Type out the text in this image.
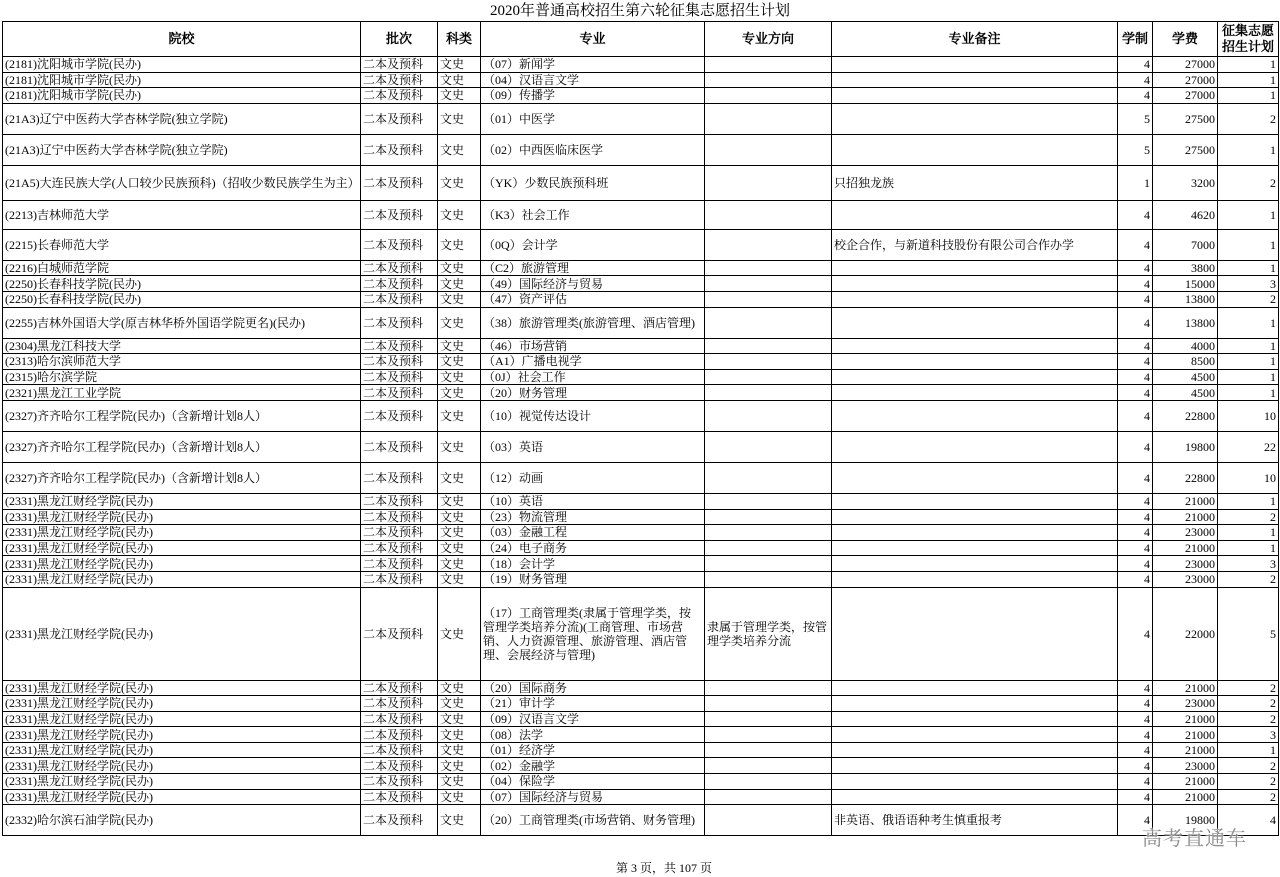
2020年普通高校招生第六轮征集志愿招生计划
院校	批次	科类	专业	专业方向	专业备注	学制	学费	征集志愿招生计划
(2181)沈阳城市学院(民办)	二本及预科	文史	（07）新闻学			4	27000	1
(2181)沈阳城市学院(民办)	二本及预科	文史	（04）汉语言文学			4	27000	1
(2181)沈阳城市学院(民办)	二本及预科	文史	（09）传播学			4	27000	1
(21A3)辽宁中医药大学杏林学院(独立学院)	二本及预科	文史	（01）中医学			5	27500	2
(21A3)辽宁中医药大学杏林学院(独立学院)	二本及预科	文史	（02）中西医临床医学			5	27500	1
(21A5)大连民族大学(人口较少民族预科)（招收少数民族学生为主）	二本及预科	文史	（YK）少数民族预科班		只招独龙族	1	3200	2
(2213)吉林师范大学	二本及预科	文史	（K3）社会工作			4	4620	1
(2215)长春师范大学	二本及预科	文史	（0Q）会计学		校企合作，与新道科技股份有限公司合作办学	4	7000	1
(2216)白城师范学院	二本及预科	文史	（C2）旅游管理			4	3800	1
(2250)长春科技学院(民办)	二本及预科	文史	（49）国际经济与贸易			4	15000	3
(2250)长春科技学院(民办)	二本及预科	文史	（47）资产评估			4	13800	2
(2255)吉林外国语大学(原吉林华桥外国语学院更名)(民办)	二本及预科	文史	（38）旅游管理类(旅游管理、酒店管理)			4	13800	1
(2304)黑龙江科技大学	二本及预科	文史	（46）市场营销			4	4000	1
(2313)哈尔滨师范大学	二本及预科	文史	（A1）广播电视学			4	8500	1
(2315)哈尔滨学院	二本及预科	文史	（0J）社会工作			4	4500	1
(2321)黑龙江工业学院	二本及预科	文史	（20）财务管理			4	4500	1
(2327)齐齐哈尔工程学院(民办)（含新增计划8人）	二本及预科	文史	（10）视觉传达设计			4	22800	10
(2327)齐齐哈尔工程学院(民办)（含新增计划8人）	二本及预科	文史	（03）英语			4	19800	22
(2327)齐齐哈尔工程学院(民办)（含新增计划8人）	二本及预科	文史	（12）动画			4	22800	10
(2331)黑龙江财经学院(民办)	二本及预科	文史	（10）英语			4	21000	1
(2331)黑龙江财经学院(民办)	二本及预科	文史	（23）物流管理			4	21000	2
(2331)黑龙江财经学院(民办)	二本及预科	文史	（03）金融工程			4	23000	1
(2331)黑龙江财经学院(民办)	二本及预科	文史	（24）电子商务			4	21000	1
(2331)黑龙江财经学院(民办)	二本及预科	文史	（18）会计学			4	23000	3
(2331)黑龙江财经学院(民办)	二本及预科	文史	（19）财务管理			4	23000	2
(2331)黑龙江财经学院(民办)	二本及预科	文史	（17）工商管理类(隶属于管理学类，按管理学类培养分流)(工商管理、市场营销、人力资源管理、旅游管理、酒店管理、会展经济与管理)	隶属于管理学类，按管理学类培养分流		4	22000	5
(2331)黑龙江财经学院(民办)	二本及预科	文史	（20）国际商务			4	21000	2
(2331)黑龙江财经学院(民办)	二本及预科	文史	（21）审计学			4	23000	2
(2331)黑龙江财经学院(民办)	二本及预科	文史	（09）汉语言文学			4	21000	2
(2331)黑龙江财经学院(民办)	二本及预科	文史	（08）法学			4	21000	3
(2331)黑龙江财经学院(民办)	二本及预科	文史	（01）经济学			4	21000	1
(2331)黑龙江财经学院(民办)	二本及预科	文史	（02）金融学			4	23000	2
(2331)黑龙江财经学院(民办)	二本及预科	文史	（04）保险学			4	21000	2
(2331)黑龙江财经学院(民办)	二本及预科	文史	（07）国际经济与贸易			4	21000	2
(2332)哈尔滨石油学院(民办)	二本及预科	文史	（20）工商管理类(市场营销、财务管理)		非英语、俄语语种考生慎重报考	4	19800	4
第 3 页，共 107 页
高考直通车
